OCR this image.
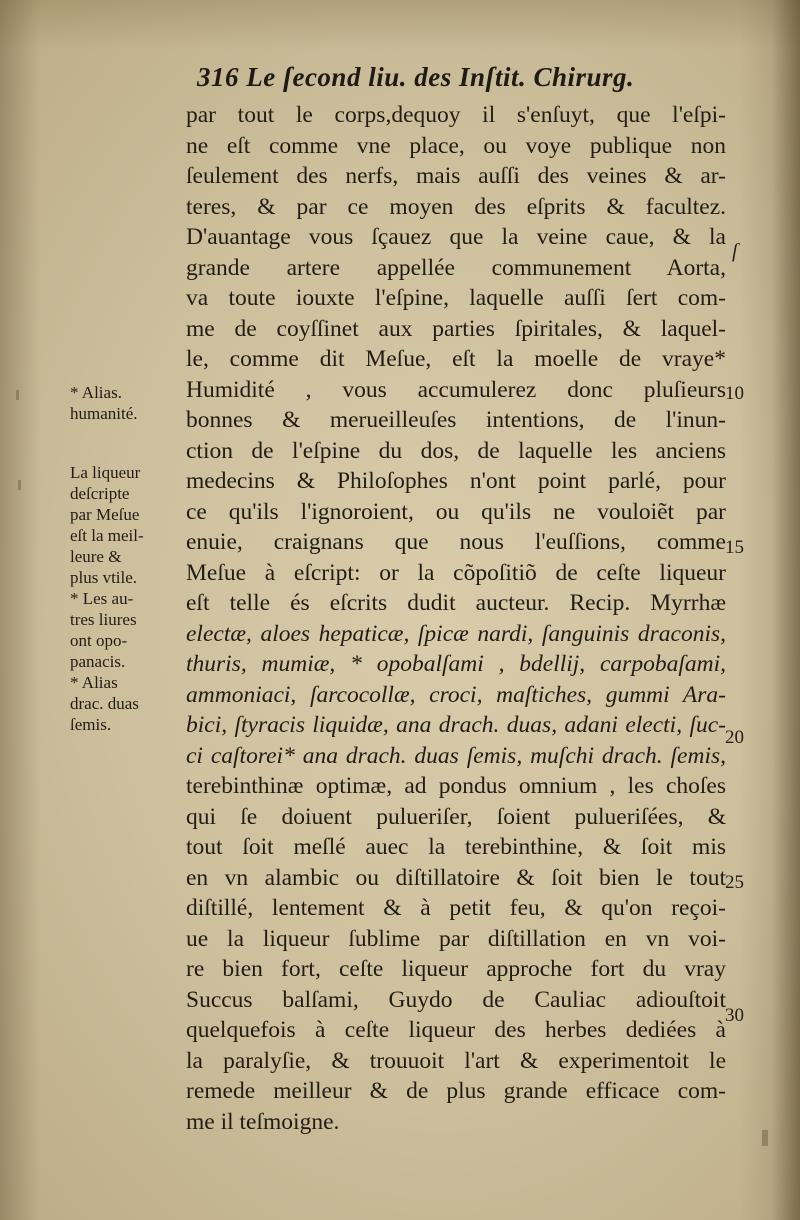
316 Le ſecond liu. des Inſtit. Chirurg.
ſ
par tout le corps,dequoy il s'enſuyt, que l'eſpi-
ne eſt comme vne place, ou voye publique non
ſeulement des nerfs, mais auſſi des veines & ar-
teres, & par ce moyen des eſprits & facultez.
D'auantage vous ſçauez que la veine caue, & la
grande artere appellée communement Aorta,
va toute iouxte l'eſpine, laquelle auſſi ſert com-
me de coyſſinet aux parties ſpiritales, & laquel-
le, comme dit Meſue, eſt la moelle de vraye*
Humidité , vous accumulerez donc pluſieurs
bonnes & merueilleuſes intentions, de l'inun-
ction de l'eſpine du dos, de laquelle les anciens
medecins & Philoſophes n'ont point parlé, pour
ce qu'ils l'ignoroient, ou qu'ils ne vouloiẽt par
enuie, craignans que nous l'euſſions, comme
Meſue à eſcript: or la cõpoſitiõ de ceſte liqueur
eſt telle és eſcrits dudit aucteur. Recip. Myrrhæ
electæ, aloes hepaticæ, ſpicæ nardi, ſanguinis draconis,
thuris, mumiæ, * opobalſami , bdellij, carpobaſami,
ammoniaci, ſarcocollæ, croci, maſtiches, gummi Ara-
bici, ſtyracis liquidæ, ana drach. duas, adani electi, ſuc-
ci caſtorei* ana drach. duas ſemis, muſchi drach. ſemis,
terebinthinæ optimæ, ad pondus omnium , les choſes
qui ſe doiuent pulueriſer, ſoient pulueriſées, &
tout ſoit meſlé auec la terebinthine, & ſoit mis
en vn alambic ou diſtillatoire & ſoit bien le tout
diſtillé, lentement & à petit feu, & qu'on reçoi-
ue la liqueur ſublime par diſtillation en vn voi-
re bien fort, ceſte liqueur approche fort du vray
Succus balſami, Guydo de Cauliac adiouſtoit
quelquefois à ceſte liqueur des herbes dediées à
la paralyſie, & trouuoit l'art & experimentoit le
remede meilleur & de plus grande efficace com-
me il teſmoigne.
* Alias.
humanité.
La liqueur
deſcripte
par Meſue
eſt la meil-
leure &
plus vtile.
* Les au-
tres liures
ont opo-
panacis.
* Alias
drac. duas
ſemis.
10
15
20
25
30
